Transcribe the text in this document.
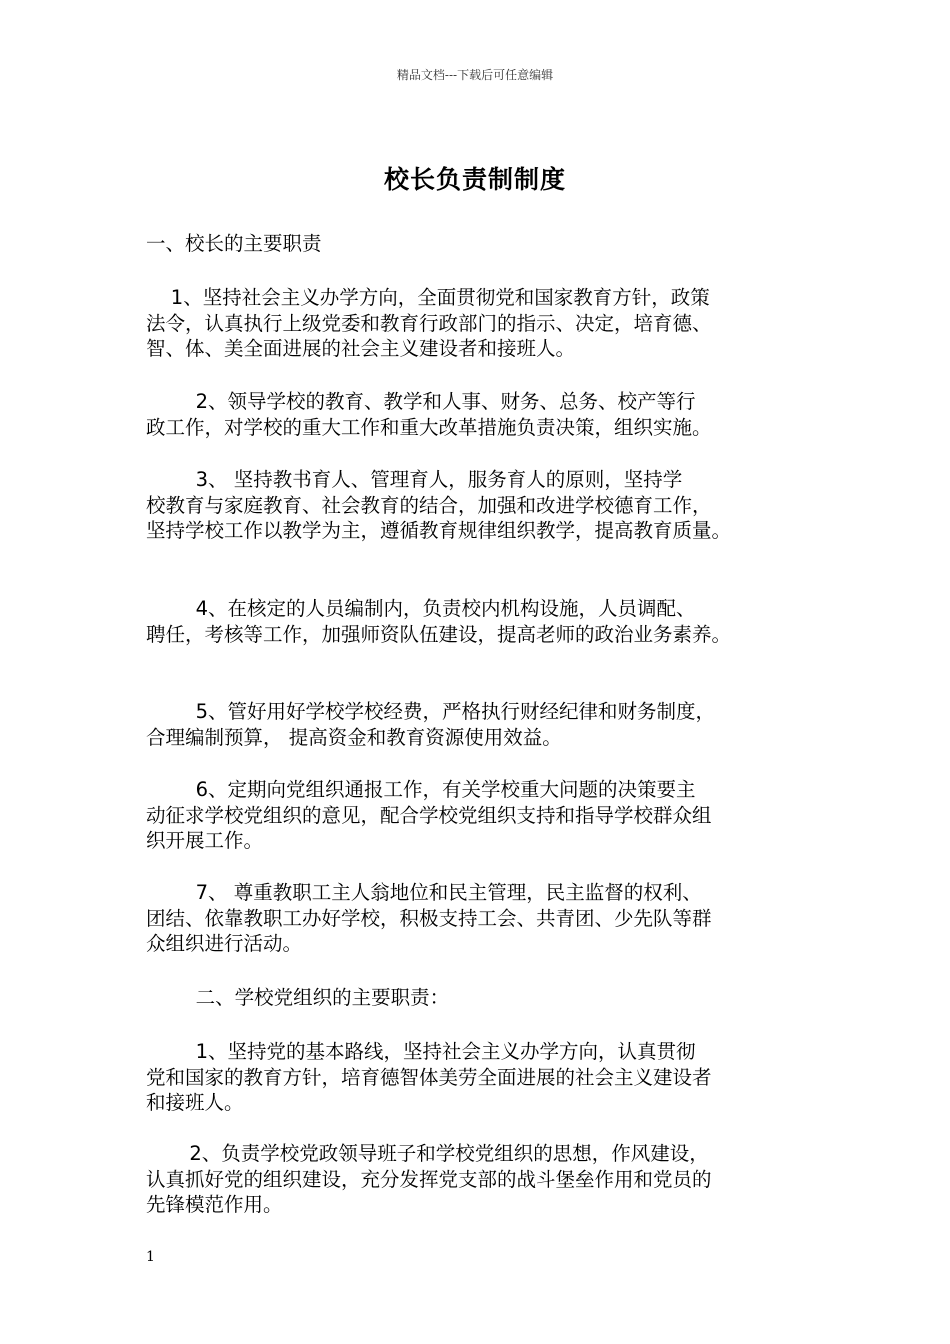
精品文档---下载后可任意编辑
校长负责制制度
一、校长的主要职责
1、坚持社会主义办学方向，全面贯彻党和国家教育方针，政策
法令，认真执行上级党委和教育行政部门的指示、决定，培育德、
智、体、美全面进展的社会主义建设者和接班人。
2、领导学校的教育、教学和人事、财务、总务、校产等行
政工作，对学校的重大工作和重大改革措施负责决策，组织实施。
3、 坚持教书育人、管理育人，服务育人的原则，坚持学
校教育与家庭教育、社会教育的结合，加强和改进学校德育工作，
坚持学校工作以教学为主，遵循教育规律组织教学，提高教育质量。
4、在核定的人员编制内，负责校内机构设施，人员调配、
聘任，考核等工作，加强师资队伍建设，提高老师的政治业务素养。
5、管好用好学校学校经费，严格执行财经纪律和财务制度，
合理编制预算， 提高资金和教育资源使用效益。
6、定期向党组织通报工作，有关学校重大问题的决策要主
动征求学校党组织的意见，配合学校党组织支持和指导学校群众组
织开展工作。
7、 尊重教职工主人翁地位和民主管理，民主监督的权利、
团结、依靠教职工办好学校，积极支持工会、共青团、少先队等群
众组织进行活动。
二、学校党组织的主要职责：
1、坚持党的基本路线，坚持社会主义办学方向，认真贯彻
党和国家的教育方针，培育德智体美劳全面进展的社会主义建设者
和接班人。
2、负责学校党政领导班子和学校党组织的思想，作风建设，
认真抓好党的组织建设，充分发挥党支部的战斗堡垒作用和党员的
先锋模范作用。
1
